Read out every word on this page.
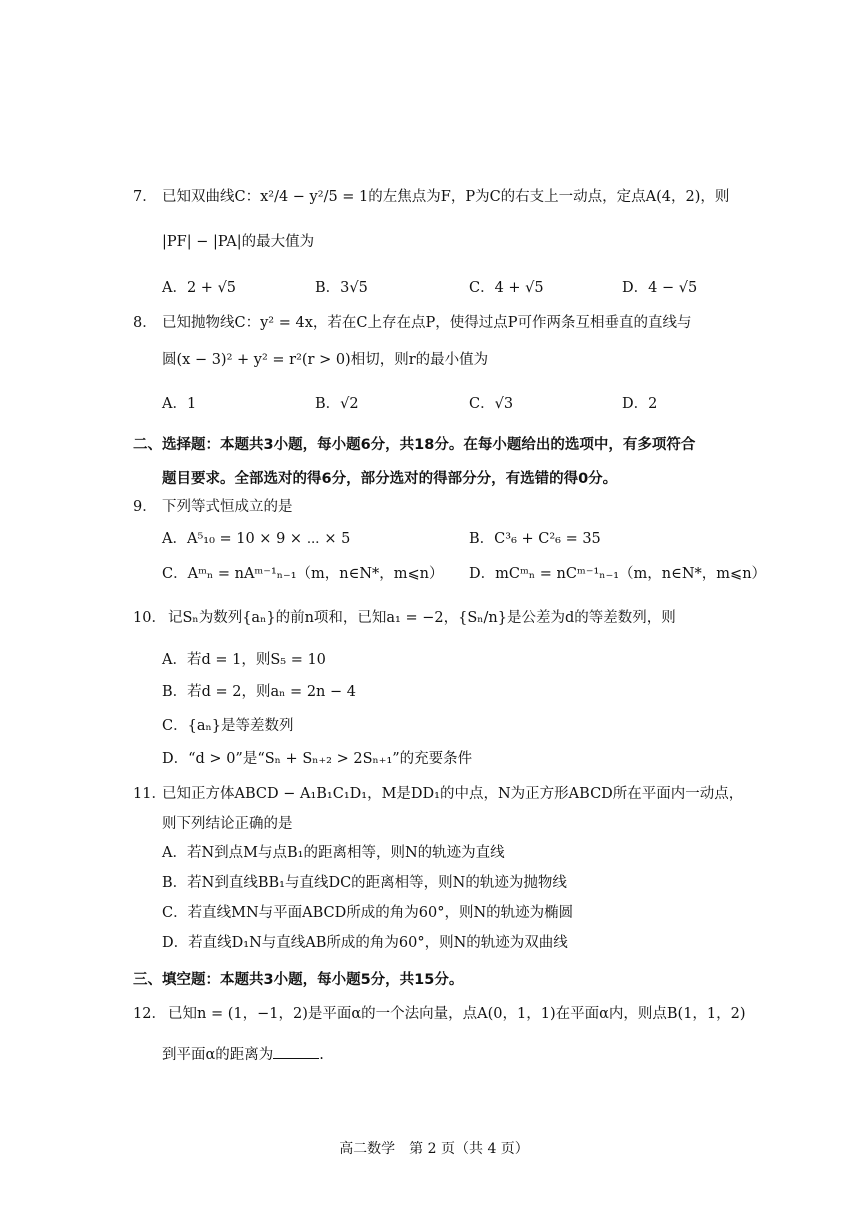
7． 已知双曲线C：x²/4 − y²/5 = 1的左焦点为F，P为C的右支上一动点，定点A(4，2)，则
|PF| − |PA|的最大值为
A．2 + √5	B．3√5	C．4 + √5	D．4 − √5
8． 已知抛物线C：y² = 4x，若在C上存在点P，使得过点P可作两条互相垂直的直线与
圆(x − 3)² + y² = r²(r > 0)相切，则r的最小值为
A．1	B．√2	C．√3	D．2
二、选择题：本题共3小题，每小题6分，共18分。在每小题给出的选项中，有多项符合
题目要求。全部选对的得6分，部分选对的得部分分，有选错的得0分。
9． 下列等式恒成立的是
A．A⁵₁₀ = 10 × 9 × ⋯ × 5	B．C³₆ + C²₆ = 35
C．Aᵐₙ = nAᵐ⁻¹ₙ₋₁（m，n∈N*，m⩽n） D．mCᵐₙ = nCᵐ⁻¹ₙ₋₁（m，n∈N*，m⩽n）
10． 记Sₙ为数列{aₙ}的前n项和，已知a₁ = −2，{Sₙ/n}是公差为d的等差数列，则
A．若d = 1，则S₅ = 10
B．若d = 2，则aₙ = 2n − 4
C．{aₙ}是等差数列
D．“d > 0”是“Sₙ + Sₙ₊₂ > 2Sₙ₊₁”的充要条件
11．
已知正方体ABCD − A₁B₁C₁D₁，M是DD₁的中点，N为正方形ABCD所在平面内一动点，
则下列结论正确的是
A．若N到点M与点B₁的距离相等，则N的轨迹为直线
B．若N到直线BB₁与直线DC的距离相等，则N的轨迹为抛物线
C．若直线MN与平面ABCD所成的角为60°，则N的轨迹为椭圆
D．若直线D₁N与直线AB所成的角为60°，则N的轨迹为双曲线
三、填空题：本题共3小题，每小题5分，共15分。
12． 已知n = (1，−1，2)是平面α的一个法向量，点A(0，1，1)在平面α内，则点B(1，1，2)
到平面α的距离为	.
高二数学　第 2 页（共 4 页）
